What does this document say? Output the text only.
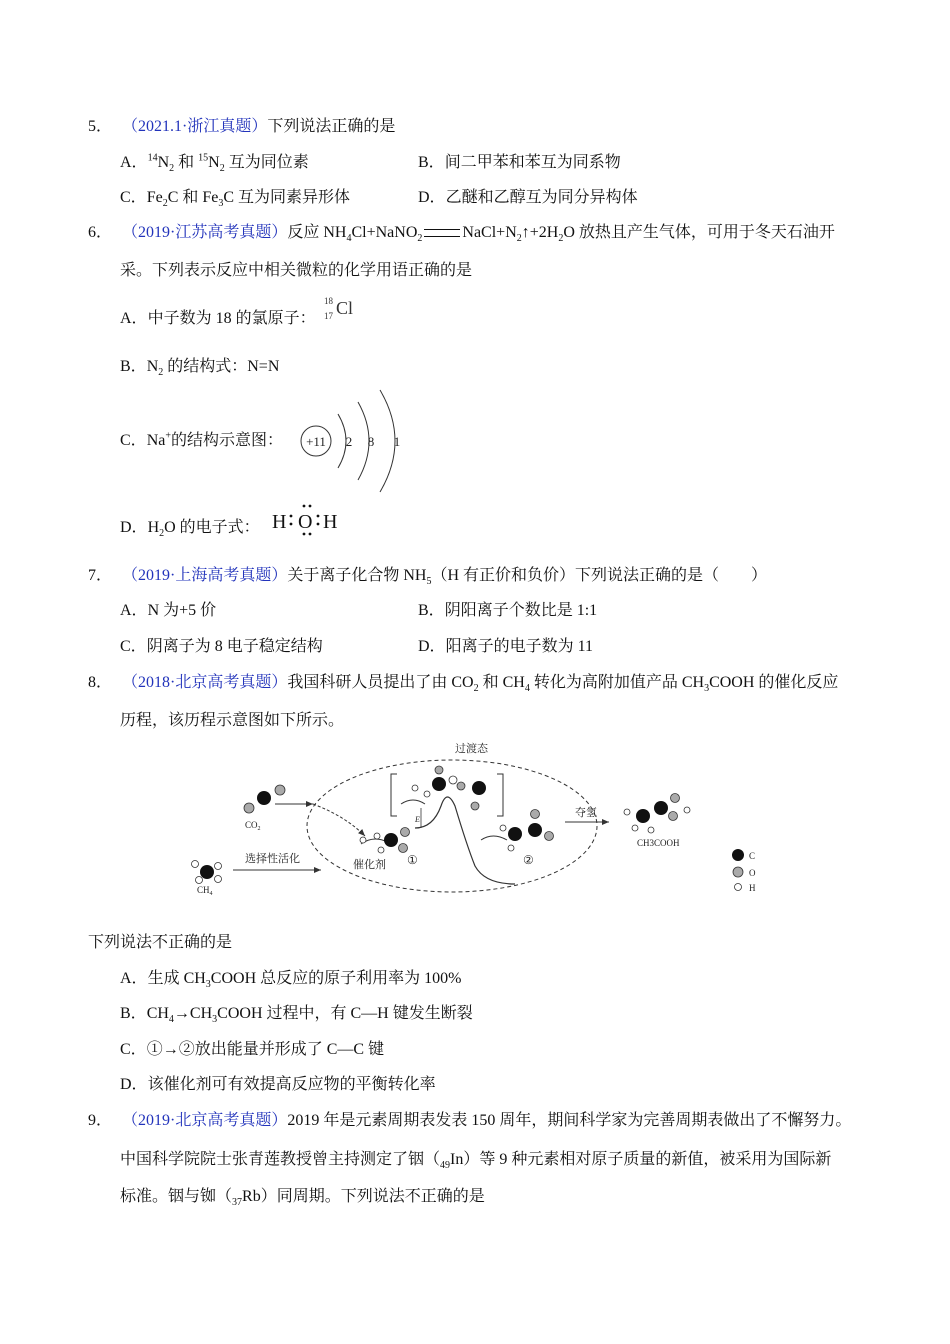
5． （2021.1·浙江真题）下列说法正确的是
A．$^{14}N_2$ 和 $^{15}N_2$ 互为同位素	B．间二甲苯和苯互为同系物
C．$Fe_2C$ 和 $Fe_3C$ 互为同素异形体	D．乙醚和乙醇互为同分异构体
6． （2019·江苏高考真题）反应 $NH_4Cl+NaNO_2$	$NaCl+N_2↑+2H_2O$ 放热且产生气体，可用于冬天石油开
采。下列表示反应中相关微粒的化学用语正确的是
A．中子数为 18 的氯原子：
18
17 Cl
B．$N_2$ 的结构式：N=N
C．Na+的结构示意图： +11 2 8 1
D．$H_2O$ 的电子式： H O H
7． （2019·上海高考真题）关于离子化合物 $NH_5(H$ 有正价和负价）下列说法正确的是（　　）
A．N 为+5 价	B．阴阳离子个数比是 1:1
C．阴离子为 8 电子稳定结构	D．阳离子的电子数为 11
8． （2018·北京高考真题）我国科研人员提出了由 $CO_2$ 和 $CH_4$ 转化为高附加值产品 $CH_3COOH$ 的催化反应
历程，该历程示意图如下所示。
过渡态
$CO_2$
$CH_4$
选择性活化
E
催化剂 ①	②
夺氢
CH3COOH
C
O
H
下列说法不正确的是
A．生成 $CH_3COOH$ 总反应的原子利用率为 100%
B．$CH_4\to CH_3COOH$ 过程中，有 C—H 键发生断裂
C．①→②放出能量并形成了 C—C 键
D．该催化剂可有效提高反应物的平衡转化率
9． （2019·北京高考真题）2019 年是元素周期表发表 150 周年，期间科学家为完善周期表做出了不懈努力。
中国科学院院士张青莲教授曾主持测定了铟$(_{49}In)$等 9 种元素相对原子质量的新值，被采用为国际新
标准。铟与铷$(_{37}Rb)$同周期。下列说法不正确的是
